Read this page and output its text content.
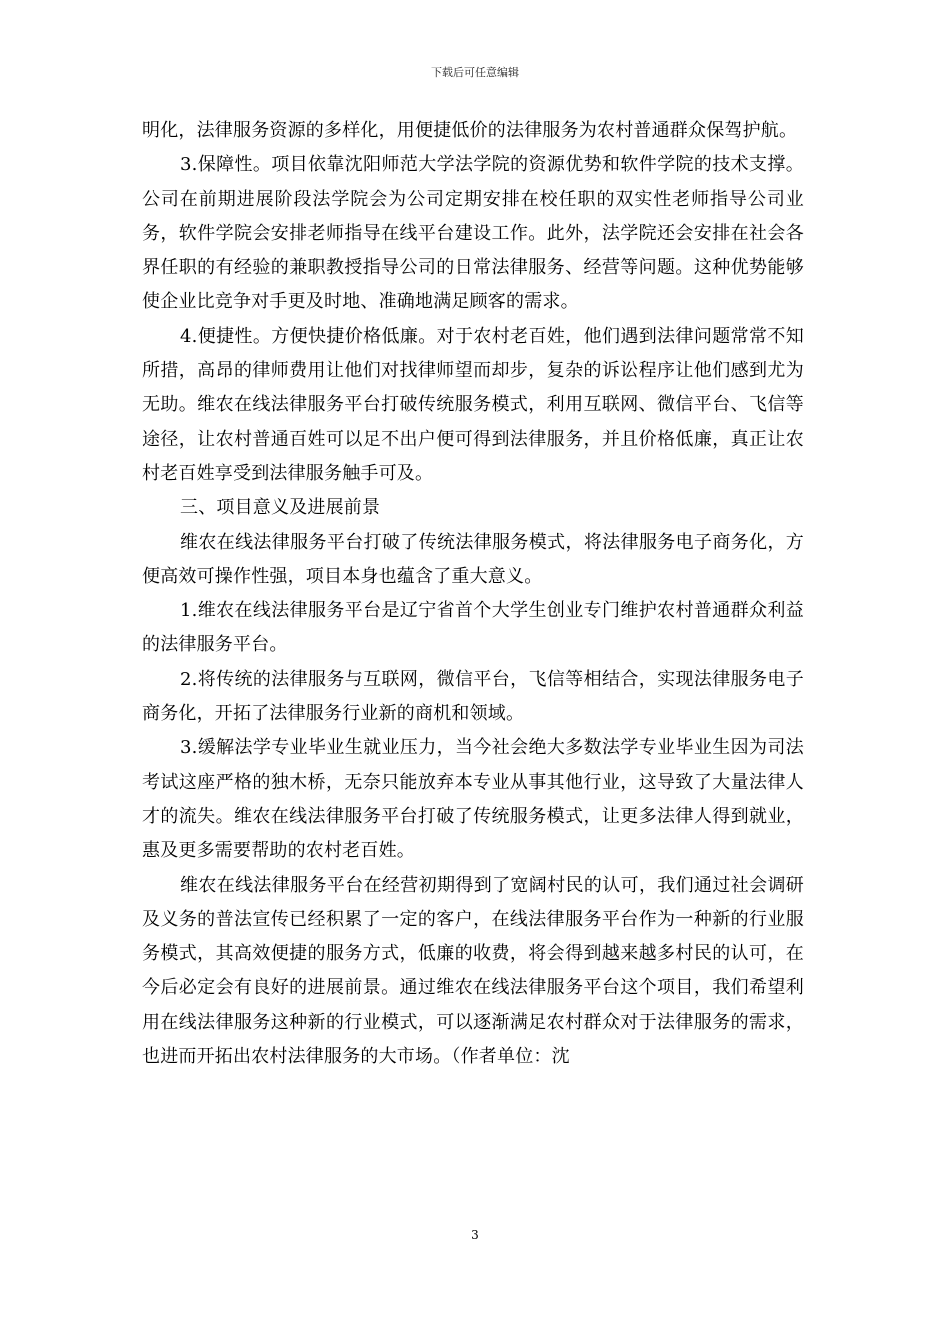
下载后可任意编辑

明化，法律服务资源的多样化，用便捷低价的法律服务为农村普通群众保驾护航。

3.保障性。项目依靠沈阳师范大学法学院的资源优势和软件学院的技术支撑。公司在前期进展阶段法学院会为公司定期安排在校任职的双实性老师指导公司业务，软件学院会安排老师指导在线平台建设工作。此外，法学院还会安排在社会各界任职的有经验的兼职教授指导公司的日常法律服务、经营等问题。这种优势能够使企业比竞争对手更及时地、准确地满足顾客的需求。

4.便捷性。方便快捷价格低廉。对于农村老百姓，他们遇到法律问题常常不知所措，高昂的律师费用让他们对找律师望而却步，复杂的诉讼程序让他们感到尤为无助。维农在线法律服务平台打破传统服务模式，利用互联网、微信平台、飞信等途径，让农村普通百姓可以足不出户便可得到法律服务，并且价格低廉，真正让农村老百姓享受到法律服务触手可及。

三、项目意义及进展前景

维农在线法律服务平台打破了传统法律服务模式，将法律服务电子商务化，方便高效可操作性强，项目本身也蕴含了重大意义。

1.维农在线法律服务平台是辽宁省首个大学生创业专门维护农村普通群众利益的法律服务平台。

2.将传统的法律服务与互联网，微信平台，飞信等相结合，实现法律服务电子商务化，开拓了法律服务行业新的商机和领域。

3.缓解法学专业毕业生就业压力，当今社会绝大多数法学专业毕业生因为司法考试这座严格的独木桥，无奈只能放弃本专业从事其他行业，这导致了大量法律人才的流失。维农在线法律服务平台打破了传统服务模式，让更多法律人得到就业，惠及更多需要帮助的农村老百姓。

维农在线法律服务平台在经营初期得到了宽阔村民的认可，我们通过社会调研及义务的普法宣传已经积累了一定的客户，在线法律服务平台作为一种新的行业服务模式，其高效便捷的服务方式，低廉的收费，将会得到越来越多村民的认可，在今后必定会有良好的进展前景。通过维农在线法律服务平台这个项目，我们希望利用在线法律服务这种新的行业模式，可以逐渐满足农村群众对于法律服务的需求，也进而开拓出农村法律服务的大市场。（作者单位：沈

3
